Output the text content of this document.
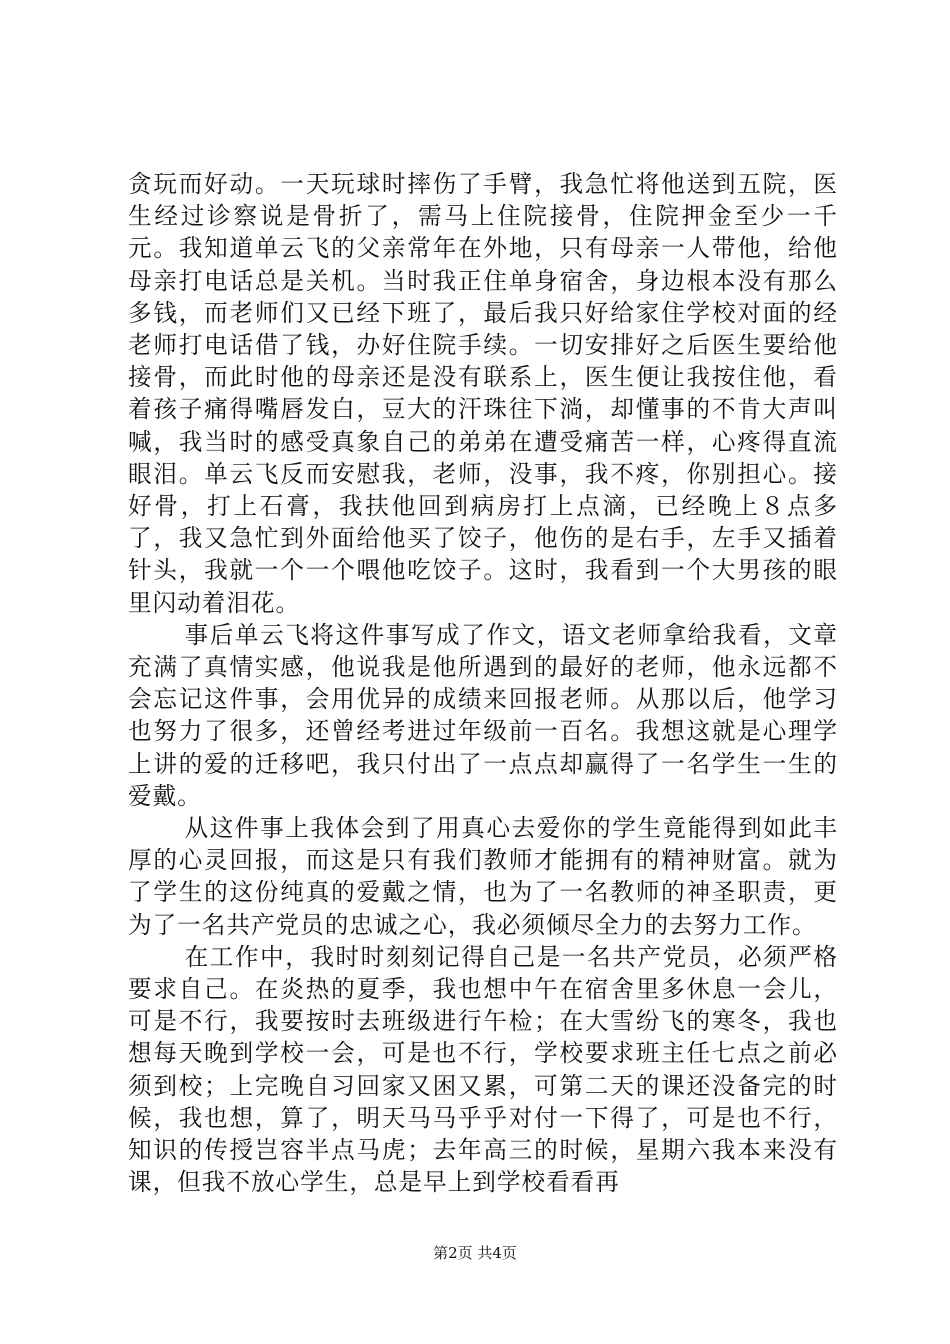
贪玩而好动。一天玩球时摔伤了手臂，我急忙将他送到五院，医生经过诊察说是骨折了，需马上住院接骨，住院押金至少一千元。我知道单云飞的父亲常年在外地，只有母亲一人带他，给他母亲打电话总是关机。当时我正住单身宿舍，身边根本没有那么多钱，而老师们又已经下班了，最后我只好给家住学校对面的经老师打电话借了钱，办好住院手续。一切安排好之后医生要给他接骨，而此时他的母亲还是没有联系上，医生便让我按住他，看着孩子痛得嘴唇发白，豆大的汗珠往下淌，却懂事的不肯大声叫喊，我当时的感受真象自己的弟弟在遭受痛苦一样，心疼得直流眼泪。单云飞反而安慰我，老师，没事，我不疼，你别担心。接好骨，打上石膏，我扶他回到病房打上点滴，已经晚上８点多了，我又急忙到外面给他买了饺子，他伤的是右手，左手又插着针头，我就一个一个喂他吃饺子。这时，我看到一个大男孩的眼里闪动着泪花。

事后单云飞将这件事写成了作文，语文老师拿给我看，文章充满了真情实感，他说我是他所遇到的最好的老师，他永远都不会忘记这件事，会用优异的成绩来回报老师。从那以后，他学习也努力了很多，还曾经考进过年级前一百名。我想这就是心理学上讲的爱的迁移吧，我只付出了一点点却赢得了一名学生一生的爱戴。

从这件事上我体会到了用真心去爱你的学生竟能得到如此丰厚的心灵回报，而这是只有我们教师才能拥有的精神财富。就为了学生的这份纯真的爱戴之情，也为了一名教师的神圣职责，更为了一名共产党员的忠诚之心，我必须倾尽全力的去努力工作。

在工作中，我时时刻刻记得自己是一名共产党员，必须严格要求自己。在炎热的夏季，我也想中午在宿舍里多休息一会儿，可是不行，我要按时去班级进行午检；在大雪纷飞的寒冬，我也想每天晚到学校一会，可是也不行，学校要求班主任七点之前必须到校；上完晚自习回家又困又累，可第二天的课还没备完的时候，我也想，算了，明天马马乎乎对付一下得了，可是也不行，知识的传授岂容半点马虎；去年高三的时候，星期六我本来没有课，但我不放心学生，总是早上到学校看看再

第2页 共4页
